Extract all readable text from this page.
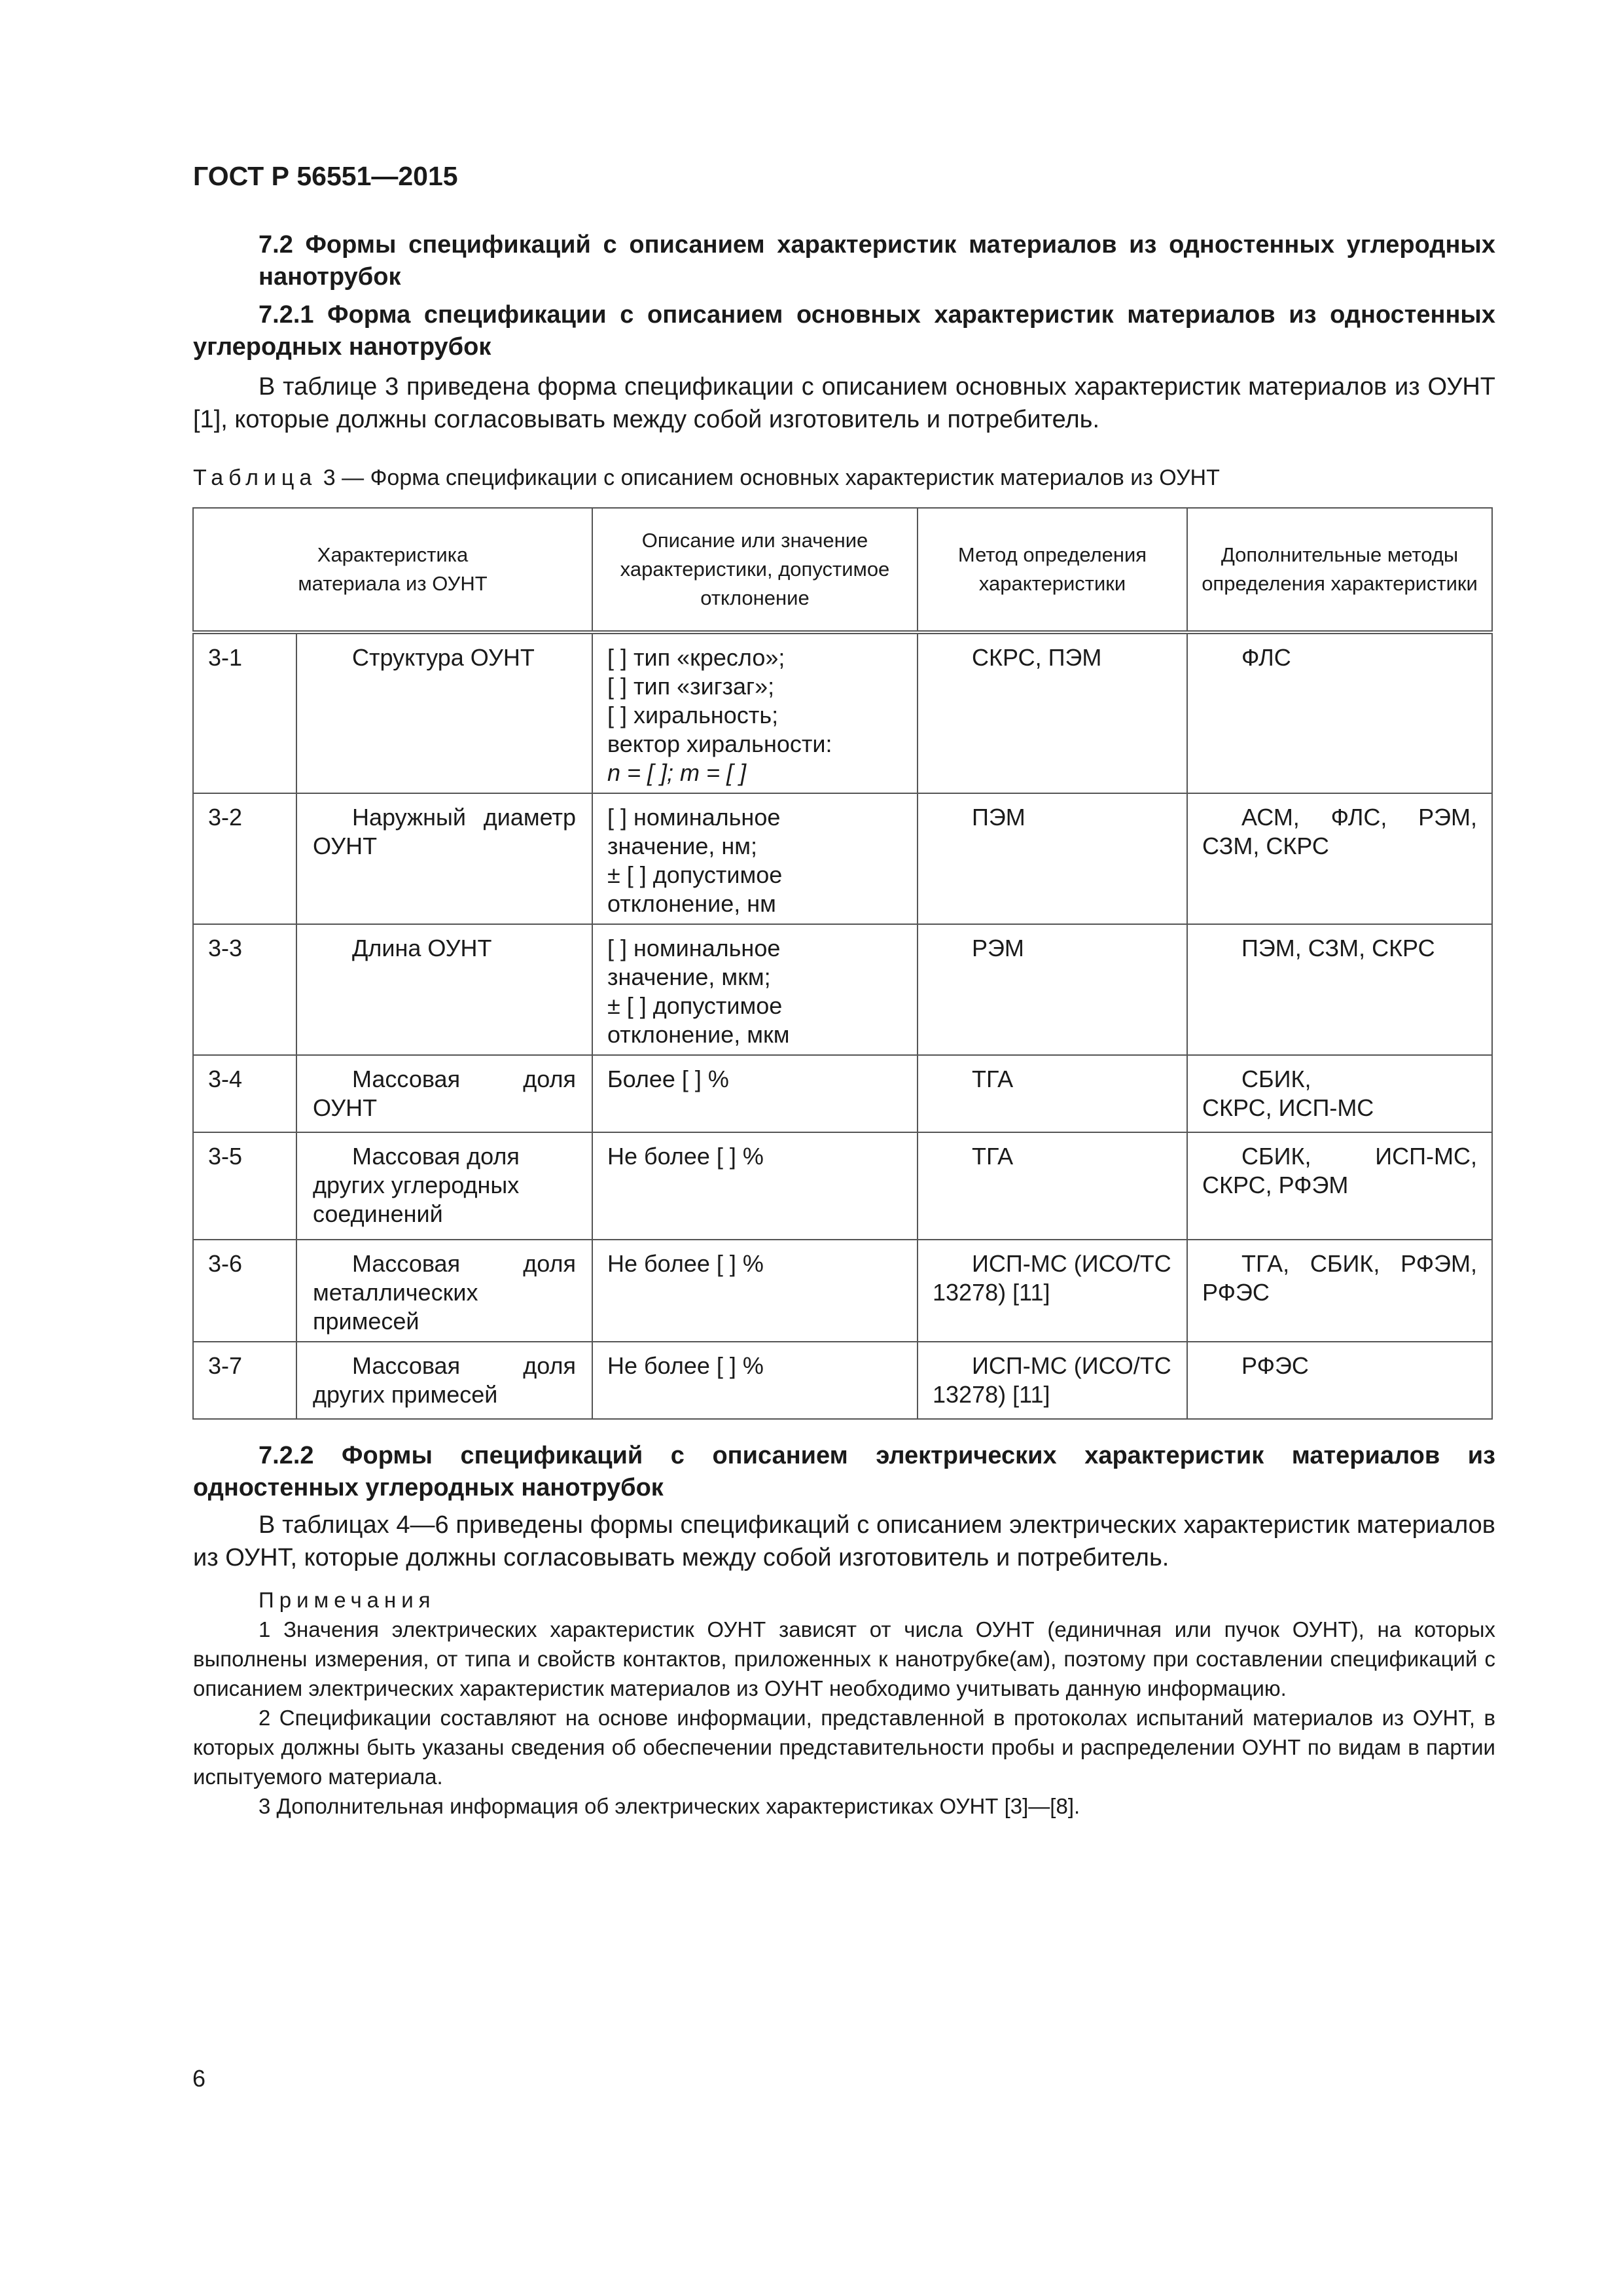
ГОСТ Р 56551—2015
7.2 Формы спецификаций с описанием характеристик материалов из одностенных углеродных нанотрубок
7.2.1 Форма спецификации с описанием основных характеристик материалов из одностенных углеродных нанотрубок
В таблице 3 приведена форма спецификации с описанием основных характеристик материалов из ОУНТ [1], которые должны согласовывать между собой изготовитель и потребитель.
Таблица 3 — Форма спецификации с описанием основных характеристик материалов из ОУНТ
Характеристика материала из ОУНТ		Описание или значение характеристики, допустимое отклонение	Метод определения характеристики	Дополнительные методы определения характеристики
3-1	Структура ОУНТ	[ ] тип «кресло»;
[ ] тип «зигзаг»;
[ ] хиральность;
вектор хиральности:
n = [ ]; m = [ ]	СКРС, ПЭМ	ФЛС
3-2	Наружный диаметр ОУНТ	[ ] номинальное
значение, нм;
± [ ] допустимое
отклонение, нм	ПЭМ	АСМ, ФЛС, РЭМ, СЗМ, СКРС

3-3	Длина ОУНТ	[ ] номинальное
значение, мкм;
± [ ] допустимое
отклонение, мкм	РЭМ	ПЭМ, СЗМ, СКРС
3-4	Массовая доля ОУНТ	Более [ ] %	ТГА	СБИК, СКРС, ИСП-МС

3-5	Массовая доля других углеродных соединений	Не более [ ] %	ТГА	СБИК, ИСП-МС, СКРС, РФЭМ

3-6	Массовая доля металлических примесей	Не более [ ] %	ИСП-МС (ИСО/ТС 13278) [11]	ТГА, СБИК, РФЭМ, РФЭС

3-7	Массовая доля других примесей	Не более [ ] %	ИСП-МС (ИСО/ТС 13278) [11]	РФЭС
7.2.2 Формы спецификаций с описанием электрических характеристик материалов из одностенных углеродных нанотрубок
В таблицах 4—6 приведены формы спецификаций с описанием электрических характеристик материалов из ОУНТ, которые должны согласовывать между собой изготовитель и потребитель.
Примечания
1 Значения электрических характеристик ОУНТ зависят от числа ОУНТ (единичная или пучок ОУНТ), на которых выполнены измерения, от типа и свойств контактов, приложенных к нанотрубке(ам), поэтому при составлении спецификаций с описанием электрических характеристик материалов из ОУНТ необходимо учитывать данную информацию.
2 Спецификации составляют на основе информации, представленной в протоколах испытаний материалов из ОУНТ, в которых должны быть указаны сведения об обеспечении представительности пробы и распределении ОУНТ по видам в партии испытуемого материала.
3 Дополнительная информация об электрических характеристиках ОУНТ [3]—[8].
6
